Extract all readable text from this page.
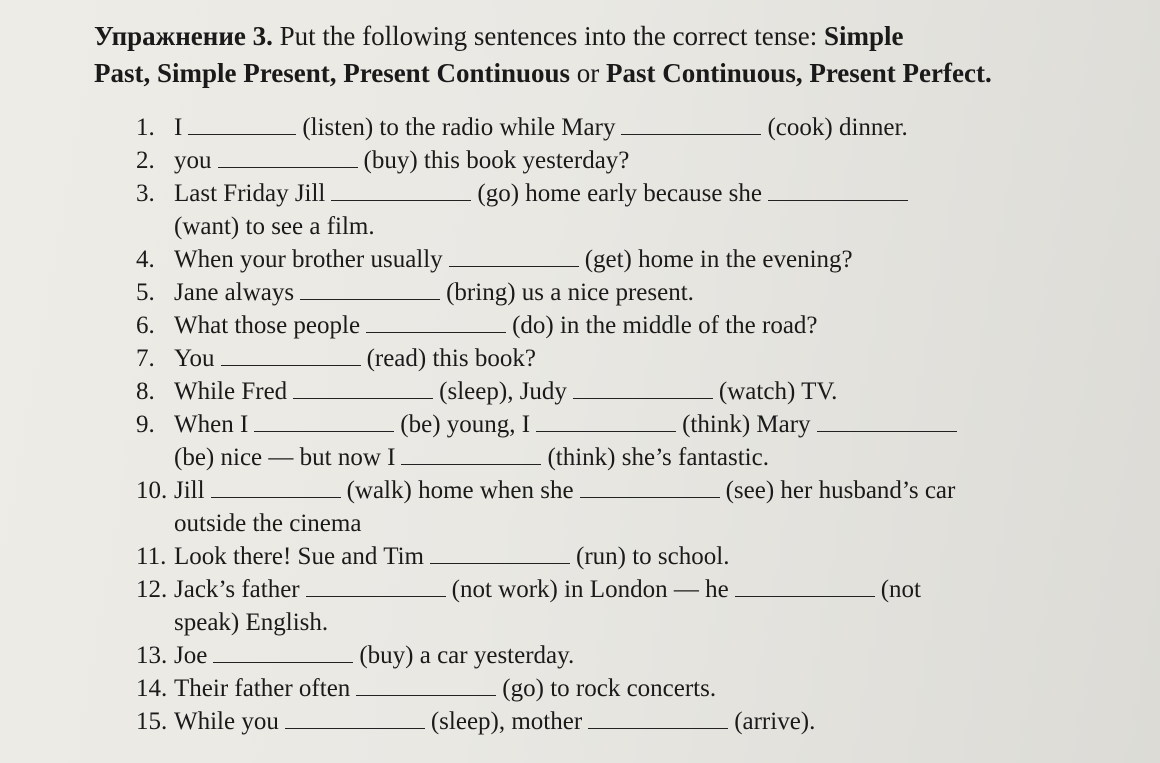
Упражнение 3. Put the following sentences into the correct tense: Simple
Past, Simple Present, Present Continuous or Past Continuous, Present Perfect.
1. I	(listen) to the radio while Mary	(cook) dinner.
2. you	(buy) this book yesterday?
3. Last Friday Jill	(go) home early because she
(want) to see a film.
4. When your brother usually	(get) home in the evening?
5. Jane always	(bring) us a nice present.
6. What those people	(do) in the middle of the road?
7. You	(read) this book?
8. While Fred	(sleep), Judy	(watch) TV.
9. When I	(be) young, I	(think) Mary
(be) nice — but now I	(think) she’s fantastic.
10. Jill	(walk) home when she	(see) her husband’s car
outside the cinema
11. Look there! Sue and Tim	(run) to school.
12. Jack’s father	(not work) in London — he	(not
speak) English.
13. Joe	(buy) a car yesterday.
14. Their father often	(go) to rock concerts.
15. While you	(sleep), mother	(arrive).
